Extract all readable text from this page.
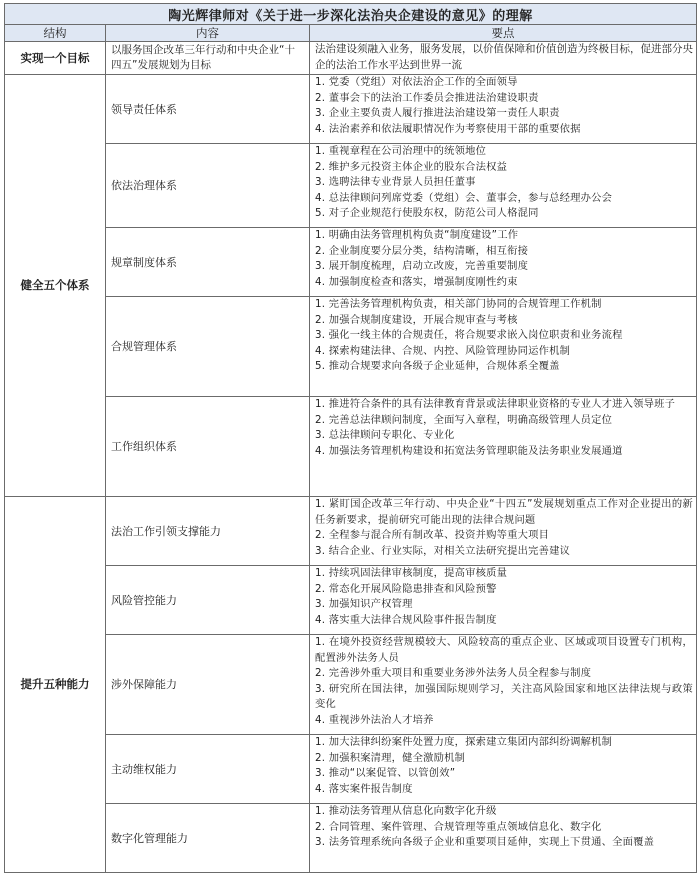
陶光辉律师对《关于进一步深化法治央企建设的意见》的理解		
结构	内容	要点
实现一个目标	以服务国企改革三年行动和中央企业“十四五”发展规划为目标	法治建设须融入业务，服务发展，以价值保障和价值创造为终极目标，促进部分央企的法治工作水平达到世界一流
健全五个体系	领导责任体系	1. 党委（党组）对依法治企工作的全面领导
2. 董事会下的法治工作委员会推进法治建设职责
3. 企业主要负责人履行推进法治建设第一责任人职责
4. 法治素养和依法履职情况作为考察使用干部的重要依据

	依法治理体系	1. 重视章程在公司治理中的统领地位
2. 维护多元投资主体企业的股东合法权益
3. 选聘法律专业背景人员担任董事
4. 总法律顾问列席党委（党组）会、董事会，参与总经理办公会
5. 对子企业规范行使股东权，防范公司人格混同

	规章制度体系	1. 明确由法务管理机构负责“制度建设”工作
2. 企业制度要分层分类，结构清晰，相互衔接
3. 展开制度梳理，启动立改废，完善重要制度
4. 加强制度检查和落实，增强制度刚性约束

	合规管理体系	1. 完善法务管理机构负责，相关部门协同的合规管理工作机制
2. 加强合规制度建设，开展合规审查与考核
3. 强化一线主体的合规责任，将合规要求嵌入岗位职责和业务流程
4. 探索构建法律、合规、内控、风险管理协同运作机制
5. 推动合规要求向各级子企业延伸，合规体系全覆盖

	工作组织体系	1. 推进符合条件的具有法律教育背景或法律职业资格的专业人才进入领导班子
2. 完善总法律顾问制度，全面写入章程，明确高级管理人员定位
3. 总法律顾问专职化、专业化
4. 加强法务管理机构建设和拓宽法务管理职能及法务职业发展通道

提升五种能力	法治工作引领支撑能力	1. 紧盯国企改革三年行动、中央企业“十四五”发展规划重点工作对企业提出的新任务新要求，提前研究可能出现的法律合规问题
2. 全程参与混合所有制改革、投资并购等重大项目
3. 结合企业、行业实际，对相关立法研究提出完善建议

	风险管控能力	1. 持续巩固法律审核制度，提高审核质量
2. 常态化开展风险隐患排查和风险预警
3. 加强知识产权管理
4. 落实重大法律合规风险事件报告制度

	涉外保障能力	1. 在境外投资经营规模较大、风险较高的重点企业、区域或项目设置专门机构，配置涉外法务人员
2. 完善涉外重大项目和重要业务涉外法务人员全程参与制度
3. 研究所在国法律，加强国际规则学习，关注高风险国家和地区法律法规与政策变化
4. 重视涉外法治人才培养

	主动维权能力	1. 加大法律纠纷案件处置力度，探索建立集团内部纠纷调解机制
2. 加强积案清理，健全激励机制
3. 推动“以案促管、以管创效”
4. 落实案件报告制度

	数字化管理能力	1. 推动法务管理从信息化向数字化升级
2. 合同管理、案件管理、合规管理等重点领域信息化、数字化
3. 法务管理系统向各级子企业和重要项目延伸，实现上下贯通、全面覆盖
